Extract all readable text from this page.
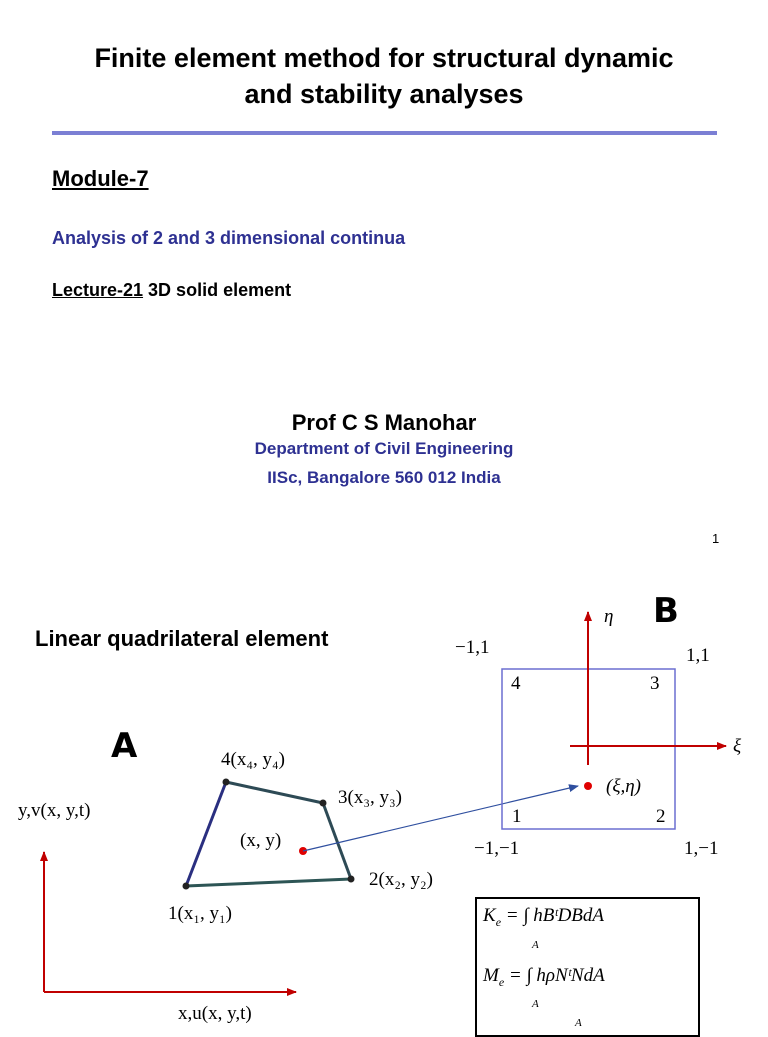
Finite element method for structural dynamic
and stability analyses
Module-7
Analysis of 2 and 3 dimensional continua
Lecture-21 3D solid element
Prof C S Manohar
Department of Civil Engineering
IISc, Bangalore 560 012 India
1
Linear quadrilateral element
A
B
y,v(x, y,t)
x,u(x, y,t)
4(x₄, y₄)
3(x₃, y₃)
2(x₂, y₂)
1(x₁, y₁)
(x, y)
η
ξ
−1,1	1,1
−1,−1	1,−1
4	3
1	2
(ξ,η)
$K_e$ = ∫ hBᵗDBdA
A
$M_e$ = ∫ hρNᵗNdA
A
A
